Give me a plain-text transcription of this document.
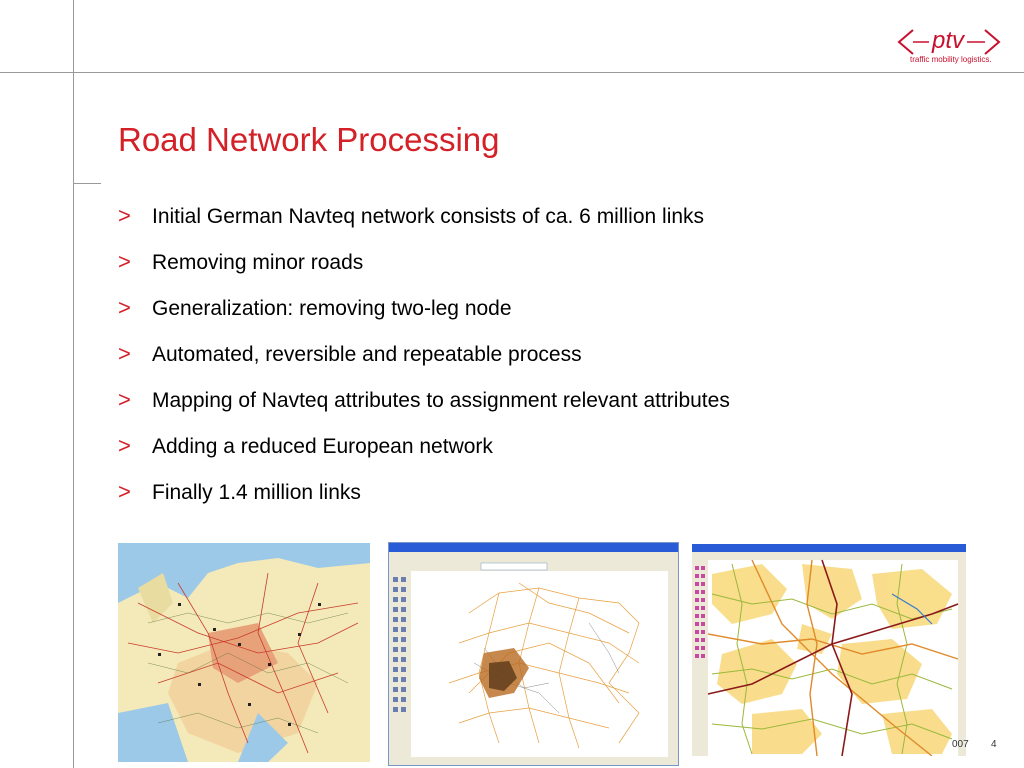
ptv
traffic mobility logistics.
Road Network Processing
> Initial German Navteq network consists of ca. 6 million links
> Removing minor roads
> Generalization: removing two-leg node
> Automated, reversible and repeatable process
> Mapping of Navteq attributes to assignment relevant attributes
> Adding a reduced European network
> Finally 1.4 million links
007 4
